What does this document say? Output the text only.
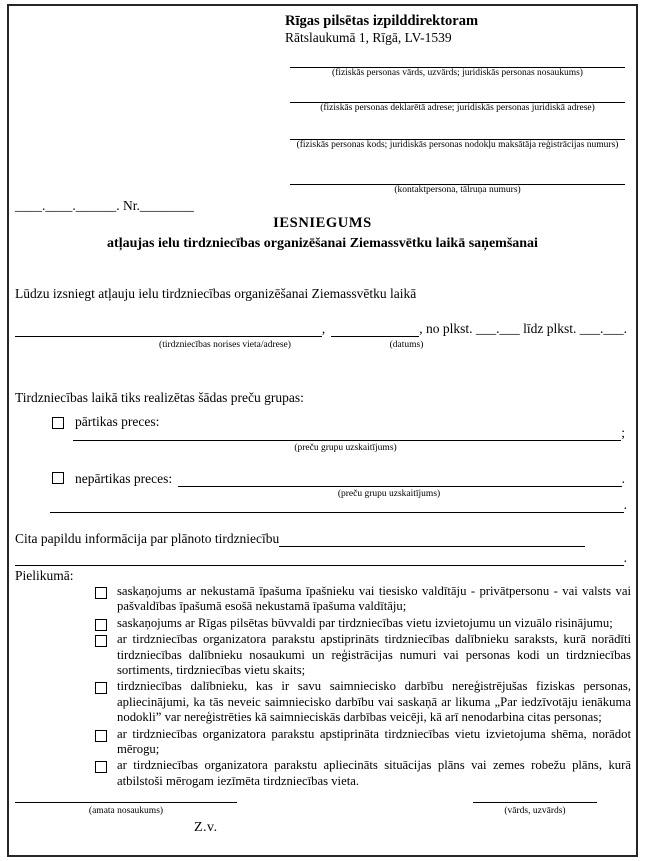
Rīgas pilsētas izpilddirektoram
Rātslaukumā 1, Rīgā, LV-1539
(fiziskās personas vārds, uzvārds; juridiskās personas nosaukums)
(fiziskās personas deklarētā adrese; juridiskās personas juridiskā adrese)
(fiziskās personas kods; juridiskās personas nodokļu maksātāja reģistrācijas numurs)
(kontaktpersona, tālruņa numurs)
____.____.______. Nr.________
IESNIEGUMS
atļaujas ielu tirdzniecības organizēšanai Ziemassvētku laikā saņemšanai
Lūdzu izsniegt atļauju ielu tirdzniecības organizēšanai Ziemassvētku laikā
,	, no plkst. ___.___ līdz plkst. ___.___.
(tirdzniecības norises vieta/adrese)	(datums)
Tirdzniecības laikā tiks realizētas šādas preču grupas:
pārtikas preces:
;
(preču grupu uzskaitījums)
nepārtikas preces:	.
(preču grupu uzskaitījums)
.
Cita papildu informācija par plānoto tirdzniecību
.
Pielikumā:
saskaņojums ar nekustamā īpašuma īpašnieku vai tiesisko valdītāju - privātpersonu - vai valsts vai pašvaldības īpašumā esošā nekustamā īpašuma valdītāju;
saskaņojums ar Rīgas pilsētas būvvaldi par tirdzniecības vietu izvietojumu un vizuālo risinājumu;
ar tirdzniecības organizatora parakstu apstiprināts tirdzniecības dalībnieku saraksts, kurā norādīti tirdzniecības dalībnieku nosaukumi un reģistrācijas numuri vai personas kodi un tirdzniecības sortiments, tirdzniecības vietu skaits;
tirdzniecības dalībnieku, kas ir savu saimniecisko darbību nereģistrējušas fiziskas personas, apliecinājumi, ka tās neveic saimniecisko darbību vai saskaņā ar likuma „Par iedzīvotāju ienākuma nodokli” var nereģistrēties kā saimnieciskās darbības veicēji, kā arī nenodarbina citas personas;
ar tirdzniecības organizatora parakstu apstiprināta tirdzniecības vietu izvietojuma shēma, norādot mērogu;
ar tirdzniecības organizatora parakstu apliecināts situācijas plāns vai zemes robežu plāns, kurā atbilstoši mērogam iezīmēta tirdzniecības vieta.
(amata nosaukums)	(vārds, uzvārds)
Z.v.
